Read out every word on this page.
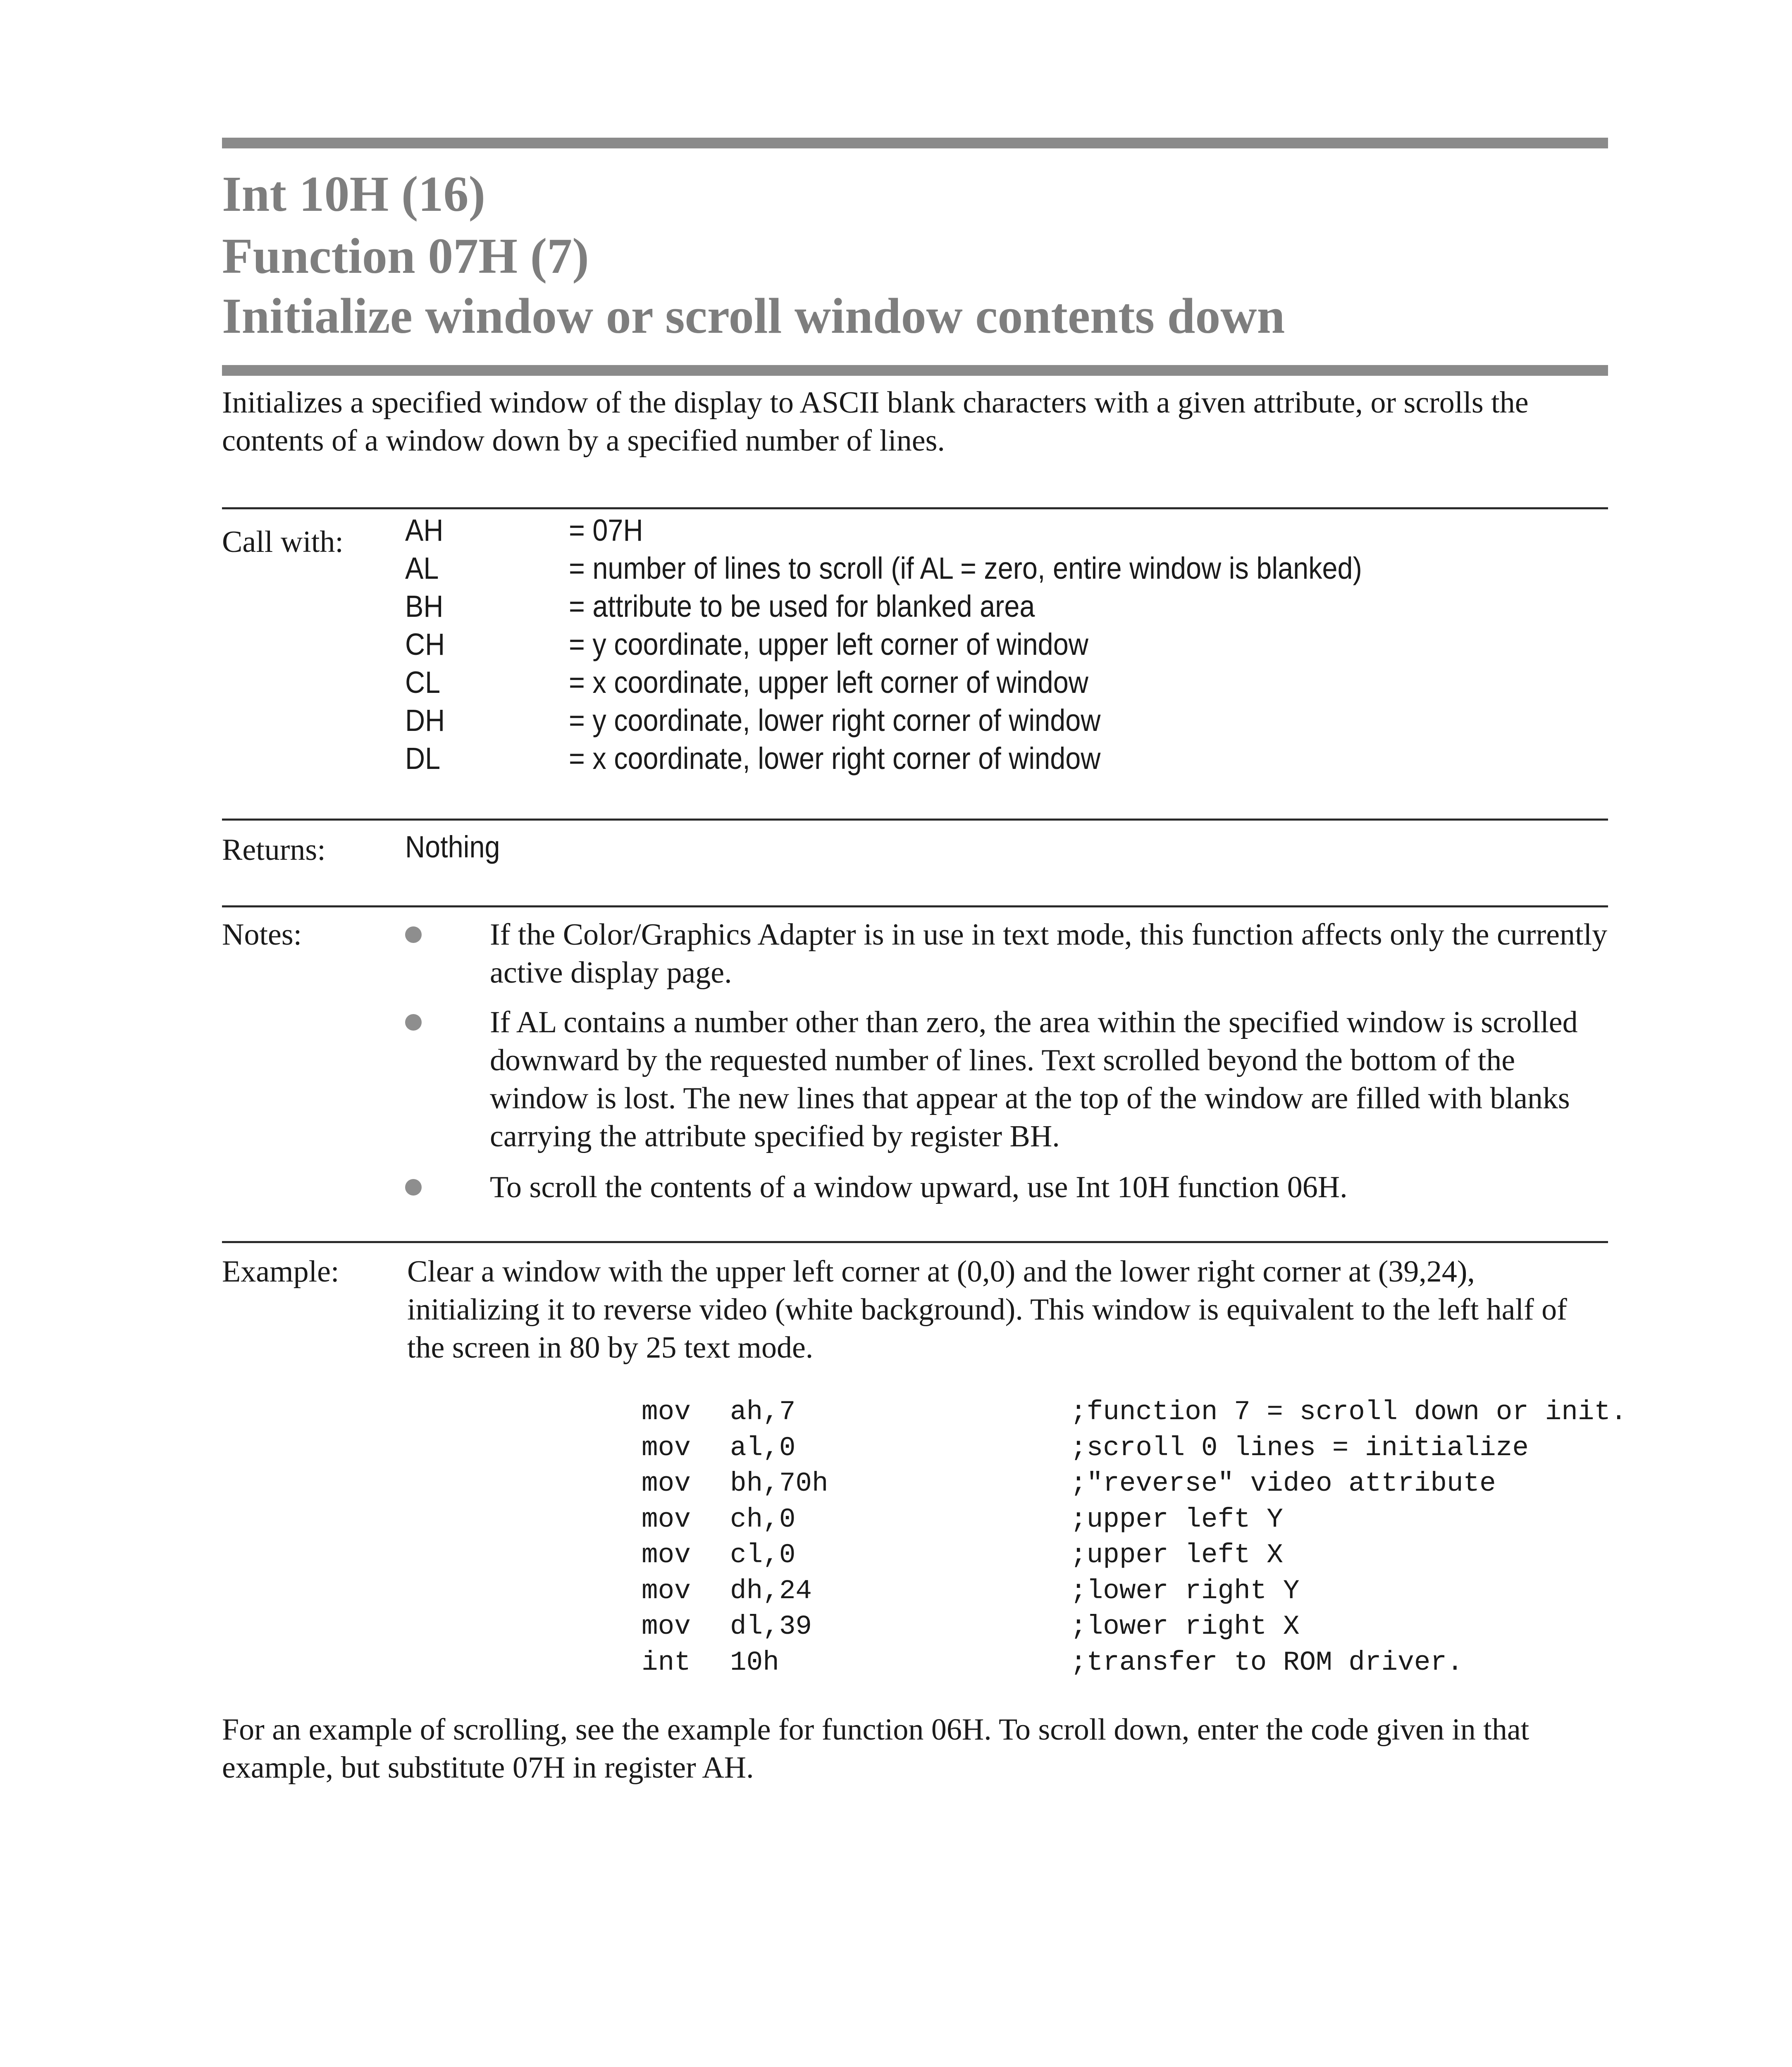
Int 10H (16)
Function 07H (7)
Initialize window or scroll window contents down
Initializes a specified window of the display to ASCII blank characters with a given attribute, or scrolls the contents of a window down by a specified number of lines.
Call with: AH	= 07H
AL	= number of lines to scroll (if AL = zero, entire window is blanked)
BH	= attribute to be used for blanked area
CH	= y coordinate, upper left corner of window
CL	= x coordinate, upper left corner of window
DH	= y coordinate, lower right corner of window
DL	= x coordinate, lower right corner of window
Returns:	Nothing
Notes:	If the Color/Graphics Adapter is in use in text mode, this function affects only the currently active display page.
If AL contains a number other than zero, the area within the specified window is scrolled downward by the requested number of lines. Text scrolled beyond the bottom of the window is lost. The new lines that appear at the top of the window are filled with blanks carrying the attribute specified by register BH.
To scroll the contents of a window upward, use Int 10H function 06H.
Example: Clear a window with the upper left corner at (0,0) and the lower right corner at (39,24), initializing it to reverse video (white background). This window is equivalent to the left half of the screen in 80 by 25 text mode.
mov	ah,7	;function 7 = scroll down or init.
mov	al,0	;scroll 0 lines = initialize
mov	bh,70h	;"reverse" video attribute
mov	ch,0	;upper left Y
mov	cl,0	;upper left X
mov	dh,24	;lower right Y
mov	dl,39	;lower right X
int	10h	;transfer to ROM driver.
For an example of scrolling, see the example for function 06H. To scroll down, enter the code given in that example, but substitute 07H in register AH.
